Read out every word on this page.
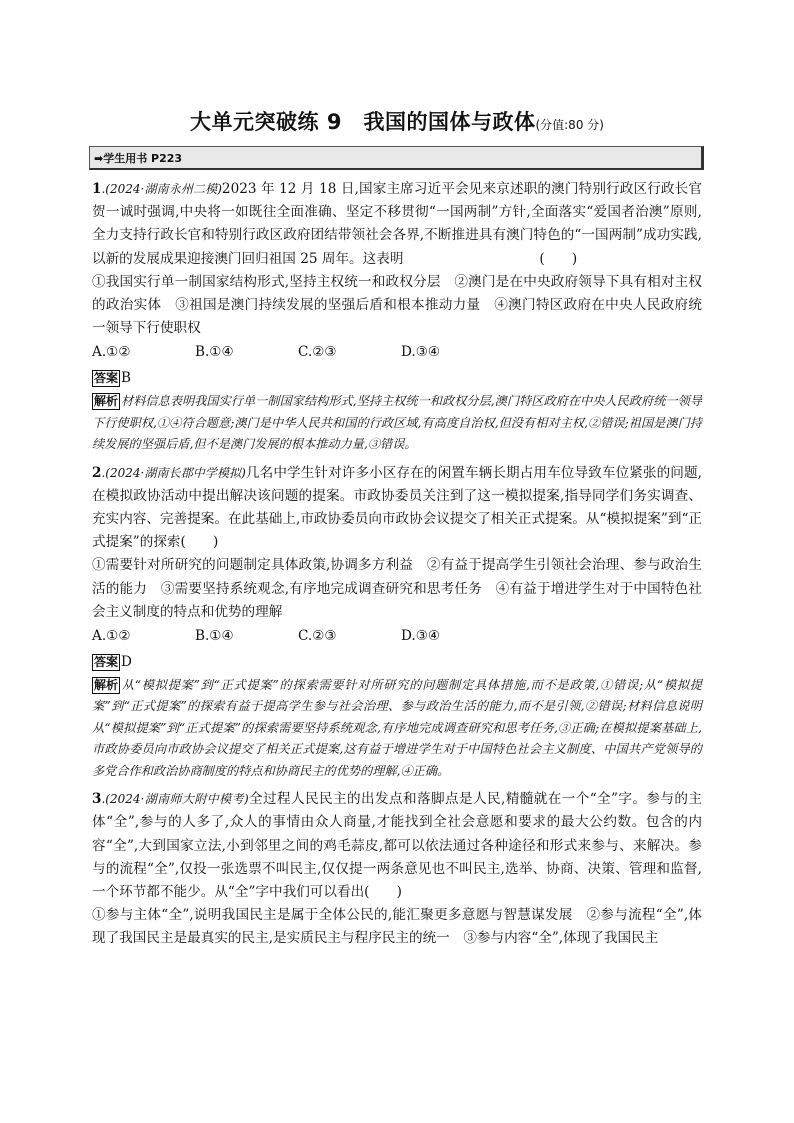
大单元突破练 9　我国的国体与政体(分值:80 分)
➡学生用书 P223
1.(2024·湖南永州二模)2023 年 12 月 18 日,国家主席习近平会见来京述职的澳门特别行政区行政长官贺一诚时强调,中央将一如既往全面准确、坚定不移贯彻“一国两制”方针,全面落实“爱国者治澳”原则,全力支持行政长官和特别行政区政府团结带领社会各界,不断推进具有澳门特色的“一国两制”成功实践,以新的发展成果迎接澳门回归祖国 25 周年。这表明　　　　　　　　　　(　　)
①我国实行单一制国家结构形式,坚持主权统一和政权分层　②澳门是在中央政府领导下具有相对主权的政治实体　③祖国是澳门持续发展的坚强后盾和根本推动力量　④澳门特区政府在中央人民政府统一领导下行使职权
A.①②	B.①④	C.②③	D.③④
答案 B
解析 材料信息表明我国实行单一制国家结构形式,坚持主权统一和政权分层,澳门特区政府在中央人民政府统一领导下行使职权,①④符合题意;澳门是中华人民共和国的行政区域,有高度自治权,但没有相对主权,②错误;祖国是澳门持续发展的坚强后盾,但不是澳门发展的根本推动力量,③错误。
2.(2024·湖南长郡中学模拟)几名中学生针对许多小区存在的闲置车辆长期占用车位导致车位紧张的问题,在模拟政协活动中提出解决该问题的提案。市政协委员关注到了这一模拟提案,指导同学们务实调查、充实内容、完善提案。在此基础上,市政协委员向市政协会议提交了相关正式提案。从“模拟提案”到“正式提案”的探索(　　)
①需要针对所研究的问题制定具体政策,协调多方利益　②有益于提高学生引领社会治理、参与政治生活的能力　③需要坚持系统观念,有序地完成调查研究和思考任务　④有益于增进学生对于中国特色社会主义制度的特点和优势的理解
A.①②	B.①④	C.②③	D.③④
答案 D
解析 从“模拟提案”到“正式提案”的探索需要针对所研究的问题制定具体措施,而不是政策,①错误;从“模拟提案”到“正式提案”的探索有益于提高学生参与社会治理、参与政治生活的能力,而不是引领,②错误;材料信息说明从“模拟提案”到“正式提案”的探索需要坚持系统观念,有序地完成调查研究和思考任务,③正确;在模拟提案基础上,市政协委员向市政协会议提交了相关正式提案,这有益于增进学生对于中国特色社会主义制度、中国共产党领导的多党合作和政治协商制度的特点和协商民主的优势的理解,④正确。
3.(2024·湖南师大附中模考)全过程人民民主的出发点和落脚点是人民,精髓就在一个“全”字。参与的主体“全”,参与的人多了,众人的事情由众人商量,才能找到全社会意愿和要求的最大公约数。包含的内容“全”,大到国家立法,小到邻里之间的鸡毛蒜皮,都可以依法通过各种途径和形式来参与、来解决。参与的流程“全”,仅投一张选票不叫民主,仅仅提一两条意见也不叫民主,选举、协商、决策、管理和监督,一个环节都不能少。从“全”字中我们可以看出(　　)
①参与主体“全”,说明我国民主是属于全体公民的,能汇聚更多意愿与智慧谋发展　②参与流程“全”,体现了我国民主是最真实的民主,是实质民主与程序民主的统一　③参与内容“全”,体现了我国民主
